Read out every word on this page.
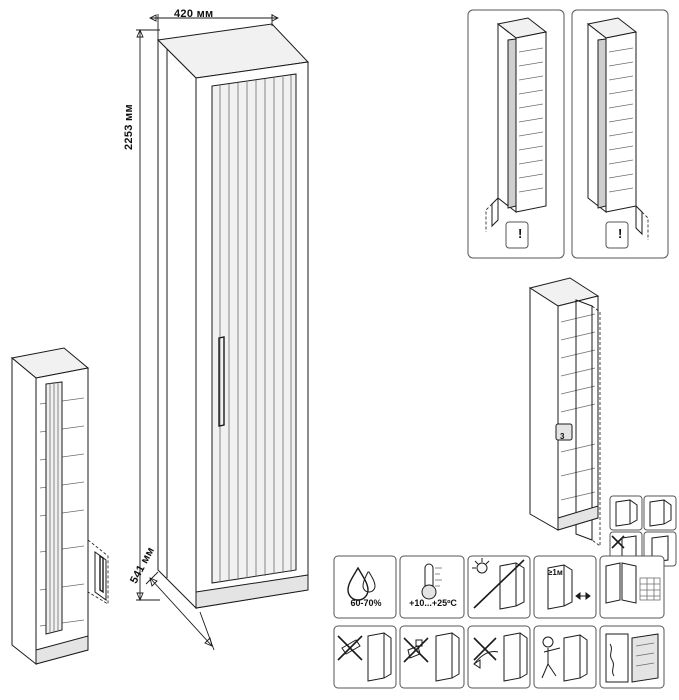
420 мм
2253 мм
541 мм
60-70%	+10...+25ºC
3
!	!
≥1м
